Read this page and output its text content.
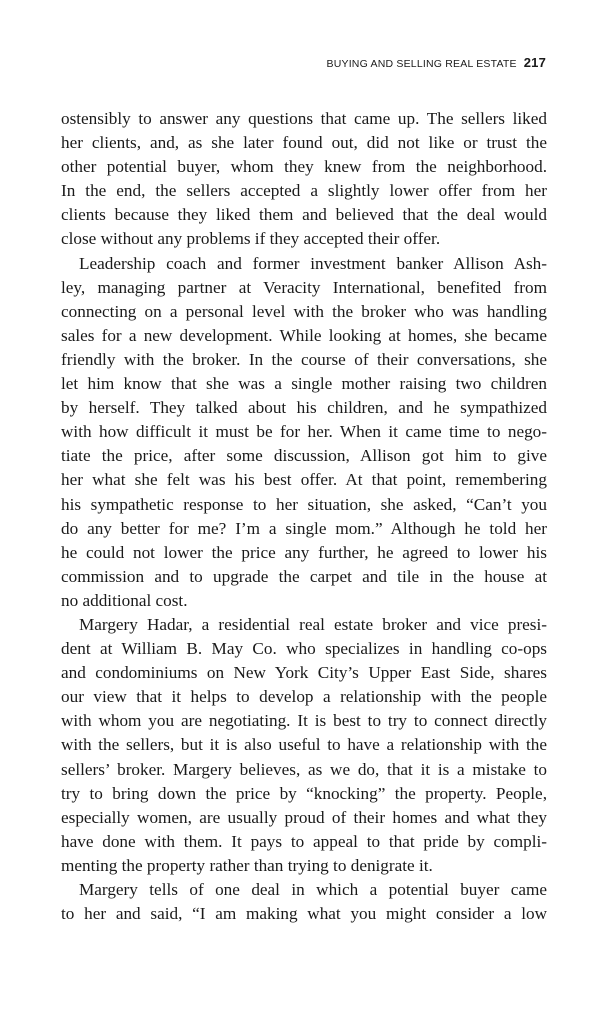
BUYING AND SELLING REAL ESTATE 217

ostensibly to answer any questions that came up. The sellers liked
her clients, and, as she later found out, did not like or trust the
other potential buyer, whom they knew from the neighborhood.
In the end, the sellers accepted a slightly lower offer from her
clients because they liked them and believed that the deal would
close without any problems if they accepted their offer.

Leadership coach and former investment banker Allison Ash-
ley, managing partner at Veracity International, benefited from
connecting on a personal level with the broker who was handling
sales for a new development. While looking at homes, she became
friendly with the broker. In the course of their conversations, she
let him know that she was a single mother raising two children
by herself. They talked about his children, and he sympathized
with how difficult it must be for her. When it came time to nego-
tiate the price, after some discussion, Allison got him to give
her what she felt was his best offer. At that point, remembering
his sympathetic response to her situation, she asked, “Can’t you
do any better for me? I’m a single mom.” Although he told her
he could not lower the price any further, he agreed to lower his
commission and to upgrade the carpet and tile in the house at
no additional cost.

Margery Hadar, a residential real estate broker and vice presi-
dent at William B. May Co. who specializes in handling co-ops
and condominiums on New York City’s Upper East Side, shares
our view that it helps to develop a relationship with the people
with whom you are negotiating. It is best to try to connect directly
with the sellers, but it is also useful to have a relationship with the
sellers’ broker. Margery believes, as we do, that it is a mistake to
try to bring down the price by “knocking” the property. People,
especially women, are usually proud of their homes and what they
have done with them. It pays to appeal to that pride by compli-
menting the property rather than trying to denigrate it.

Margery tells of one deal in which a potential buyer came
to her and said, “I am making what you might consider a low
